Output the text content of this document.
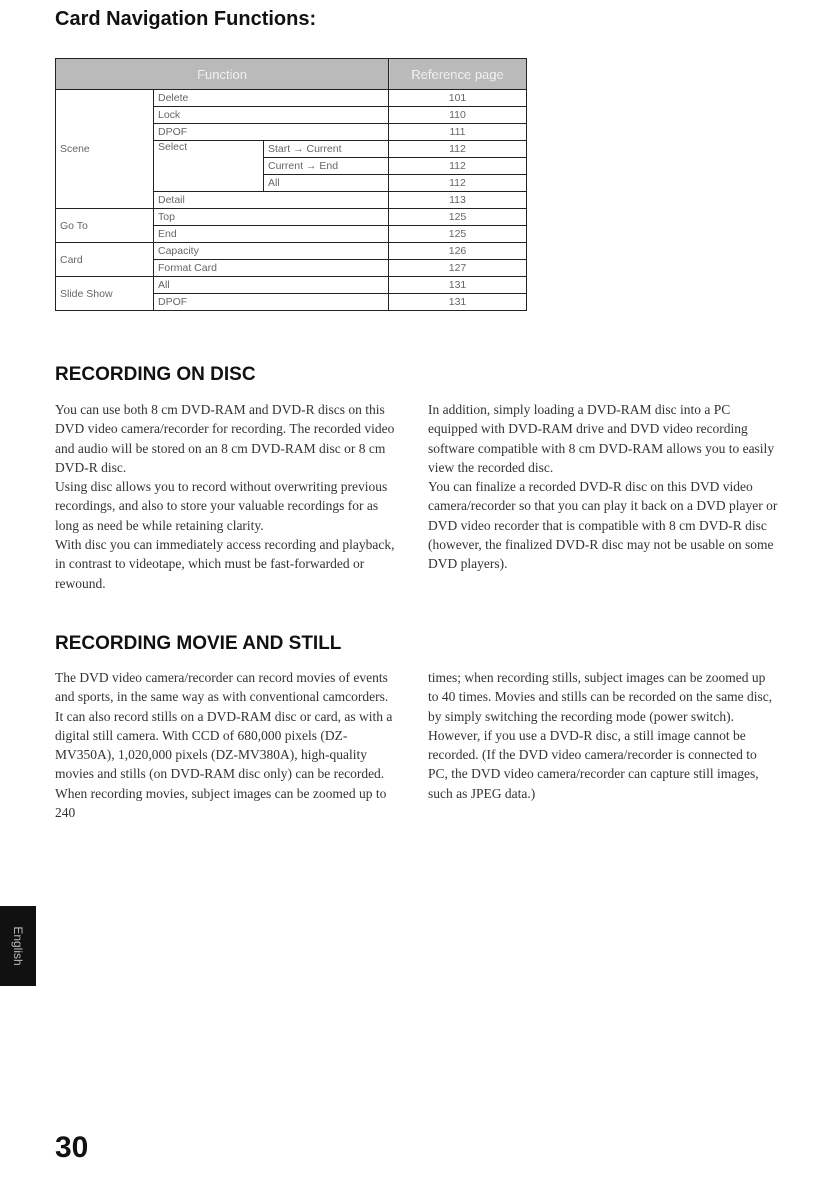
Card Navigation Functions:
Function			Reference page
Scene	Delete		101
	Lock		110
	DPOF		111
	Select	Start → Current	112
		Current → End	112
		All	112
	Detail		113
Go To	Top		125
	End		125
Card	Capacity		126
	Format Card		127
Slide Show	All		131
	DPOF		131
RECORDING ON DISC

You can use both 8 cm DVD-RAM and DVD-R discs on this DVD video camera/recorder for recording. The recorded video and audio will be stored on an 8 cm DVD-RAM disc or 8 cm DVD-R disc.

Using disc allows you to record without overwriting previous recordings, and also to store your valuable recordings for as long as need be while retaining clarity.

With disc you can immediately access recording and playback, in contrast to videotape, which must be fast-forwarded or rewound.

In addition, simply loading a DVD-RAM disc into a PC equipped with DVD-RAM drive and DVD video recording software compatible with 8 cm DVD-RAM allows you to easily view the recorded disc.

You can finalize a recorded DVD-R disc on this DVD video camera/recorder so that you can play it back on a DVD player or DVD video recorder that is compatible with 8 cm DVD-R disc (however, the finalized DVD-R disc may not be usable on some DVD players).

RECORDING MOVIE AND STILL

The DVD video camera/recorder can record movies of events and sports, in the same way as with conventional camcorders.

It can also record stills on a DVD-RAM disc or card, as with a digital still camera. With CCD of 680,000 pixels (DZ-MV350A), 1,020,000 pixels (DZ-MV380A), high-quality movies and stills (on DVD-RAM disc only) can be recorded. When recording movies, subject images can be zoomed up to 240

times; when recording stills, subject images can be zoomed up to 40 times. Movies and stills can be recorded on the same disc, by simply switching the recording mode (power switch). However, if you use a DVD-R disc, a still image cannot be recorded. (If the DVD video camera/recorder is connected to PC, the DVD video camera/recorder can capture still images, such as JPEG data.)

English

30
